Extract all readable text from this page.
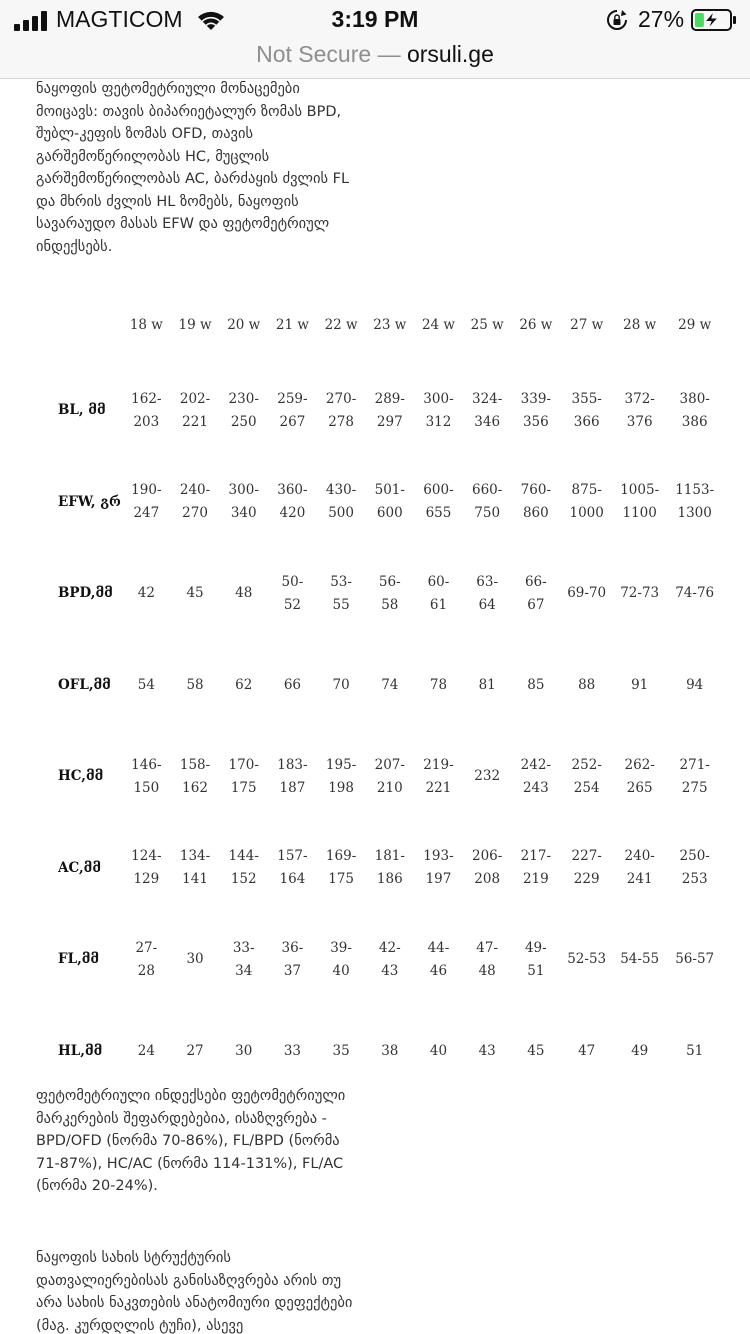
MAGTICOM	3:19 PM	27%
Not Secure — orsuli.ge

ნაყოფის ფეტომეტრიული მონაცემები მოიცავს: თავის ბიპარიეტალურ ზომას BPD, შუბლ-კეფის ზომას OFD, თავის გარშემოწერილობას HC, მუცლის გარშემოწერილობას AC, ბარძაყის ძვლის FL და მხრის ძვლის HL ზომებს, ნაყოფის სავარაუდო მასას EFW და ფეტომეტრიულ ინდექსებს.

	18 w	19 w	20 w	21 w	22 w	23 w	24 w	25 w	26 w	27 w	28 w	29 w
BL, მმ	162-203	202-221	230-250	259-267	270-278	289-297	300-312	324-346	339-356	355-366	372-376	380-386
EFW, გრ	190-247	240-270	300-340	360-420	430-500	501-600	600-655	660-750	760-860	875-1000	1005-1100	1153-1300
BPD,მმ	42	45	48	50-52	53-55	56-58	60-61	63-64	66-67	69-70	72-73	74-76
OFL,მმ	54	58	62	66	70	74	78	81	85	88	91	94
HC,მმ	146-150	158-162	170-175	183-187	195-198	207-210	219-221	232	242-243	252-254	262-265	271-275
AC,მმ	124-129	134-141	144-152	157-164	169-175	181-186	193-197	206-208	217-219	227-229	240-241	250-253
FL,მმ	27-28	30	33-34	36-37	39-40	42-43	44-46	47-48	49-51	52-53	54-55	56-57
HL,მმ	24	27	30	33	35	38	40	43	45	47	49	51

ფეტომეტრიული ინდექსები ფეტომეტრიული მარკერების შეფარდებებია, ისაზღვრება - BPD/OFD (ნორმა 70-86%), FL/BPD (ნორმა 71-87%), HC/AC (ნორმა 114-131%), FL/AC (ნორმა 20-24%).

ნაყოფის სახის სტრუქტურის დათვალიერებისას განისაზღვრება არის თუ არა სახის ნაკვთების ანატომიური დეფექტები (მაგ. კურდღლის ტუჩი), ასევე
